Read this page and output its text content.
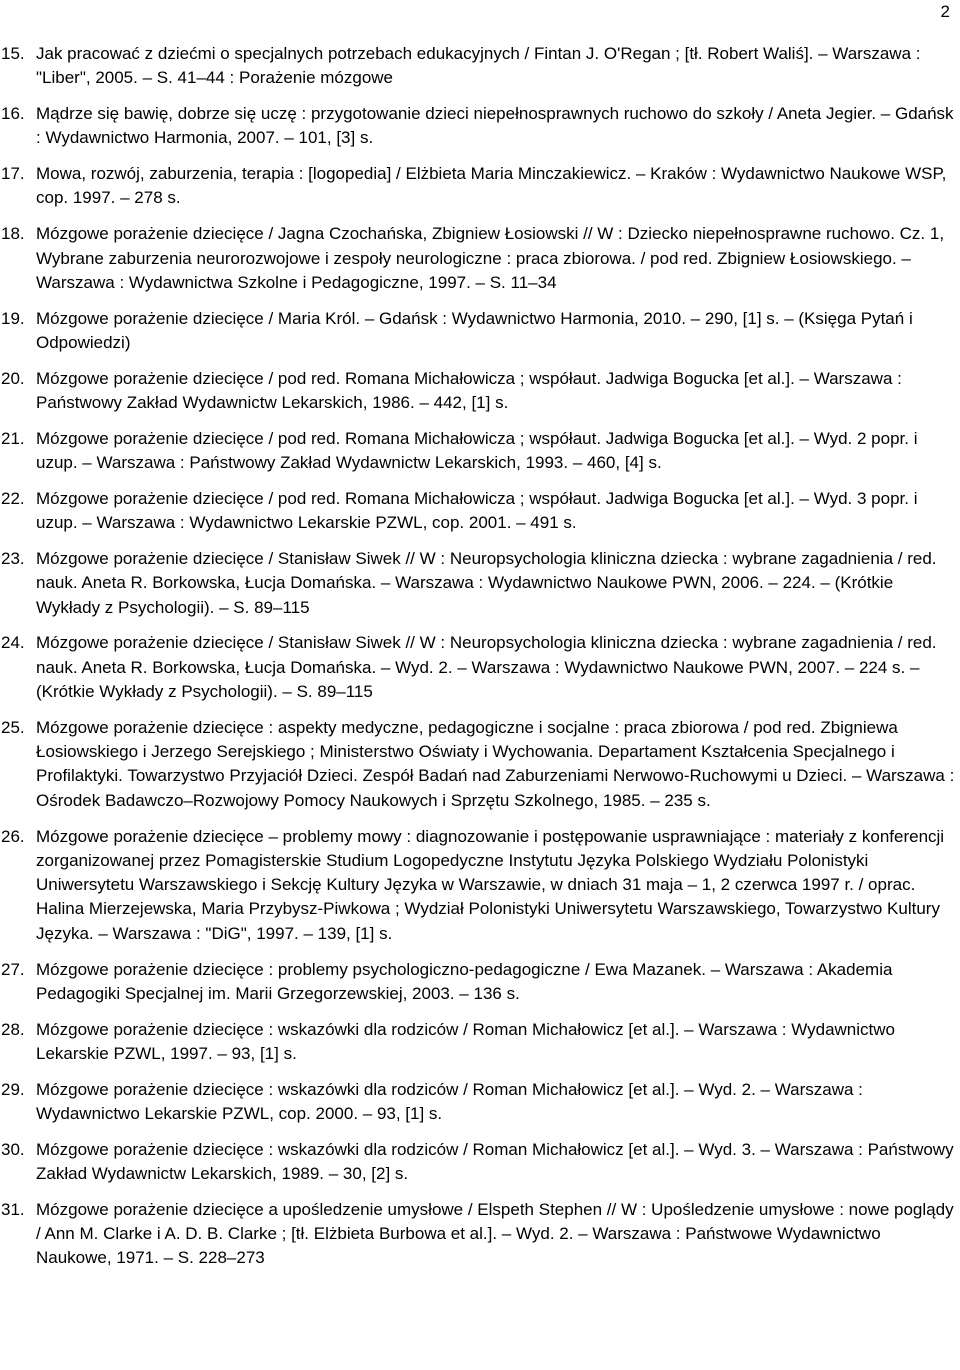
2
15. Jak pracować z dziećmi o specjalnych potrzebach edukacyjnych / Fintan J. O'Regan ; [tł. Robert Waliś]. – Warszawa : "Liber", 2005. – S. 41–44 : Porażenie mózgowe
16. Mądrze się bawię, dobrze się uczę : przygotowanie dzieci niepełnosprawnych ruchowo do szkoły / Aneta Jegier. – Gdańsk : Wydawnictwo Harmonia, 2007. – 101, [3] s.
17. Mowa, rozwój, zaburzenia, terapia : [logopedia] / Elżbieta Maria Minczakiewicz. – Kraków : Wydawnictwo Naukowe WSP, cop. 1997. – 278 s.
18. Mózgowe porażenie dziecięce / Jagna Czochańska, Zbigniew Łosiowski // W : Dziecko niepełnosprawne ruchowo. Cz. 1, Wybrane zaburzenia neurorozwojowe i zespoły neurologiczne : praca zbiorowa. / pod red. Zbigniew Łosiowskiego. – Warszawa : Wydawnictwa Szkolne i Pedagogiczne, 1997. – S. 11–34
19. Mózgowe porażenie dziecięce / Maria Król. – Gdańsk : Wydawnictwo Harmonia, 2010. – 290, [1] s. – (Księga Pytań i Odpowiedzi)
20. Mózgowe porażenie dziecięce / pod red. Romana Michałowicza ; współaut. Jadwiga Bogucka [et al.]. – Warszawa : Państwowy Zakład Wydawnictw Lekarskich, 1986. – 442, [1] s.
21. Mózgowe porażenie dziecięce / pod red. Romana Michałowicza ; współaut. Jadwiga Bogucka [et al.]. – Wyd. 2 popr. i uzup. – Warszawa : Państwowy Zakład Wydawnictw Lekarskich, 1993. – 460, [4] s.
22. Mózgowe porażenie dziecięce / pod red. Romana Michałowicza ; współaut. Jadwiga Bogucka [et al.]. – Wyd. 3 popr. i uzup. – Warszawa : Wydawnictwo Lekarskie PZWL, cop. 2001. – 491 s.
23. Mózgowe porażenie dziecięce / Stanisław Siwek // W : Neuropsychologia kliniczna dziecka : wybrane zagadnienia / red. nauk. Aneta R. Borkowska, Łucja Domańska. – Warszawa : Wydawnictwo Naukowe PWN, 2006. – 224. – (Krótkie Wykłady z Psychologii). – S. 89–115
24. Mózgowe porażenie dziecięce / Stanisław Siwek // W : Neuropsychologia kliniczna dziecka : wybrane zagadnienia / red. nauk. Aneta R. Borkowska, Łucja Domańska. – Wyd. 2. – Warszawa : Wydawnictwo Naukowe PWN, 2007. – 224 s. – (Krótkie Wykłady z Psychologii). – S. 89–115
25. Mózgowe porażenie dziecięce : aspekty medyczne, pedagogiczne i socjalne : praca zbiorowa / pod red. Zbigniewa Łosiowskiego i Jerzego Serejskiego ; Ministerstwo Oświaty i Wychowania. Departament Kształcenia Specjalnego i Profilaktyki. Towarzystwo Przyjaciół Dzieci. Zespół Badań nad Zaburzeniami Nerwowo-Ruchowymi u Dzieci. – Warszawa : Ośrodek Badawczo–Rozwojowy Pomocy Naukowych i Sprzętu Szkolnego, 1985. – 235 s.
26. Mózgowe porażenie dziecięce – problemy mowy : diagnozowanie i postępowanie usprawniające : materiały z konferencji zorganizowanej przez Pomagisterskie Studium Logopedyczne Instytutu Języka Polskiego Wydziału Polonistyki Uniwersytetu Warszawskiego i Sekcję Kultury Języka w Warszawie, w dniach 31 maja – 1, 2 czerwca 1997 r. / oprac. Halina Mierzejewska, Maria Przybysz-Piwkowa ; Wydział Polonistyki Uniwersytetu Warszawskiego, Towarzystwo Kultury Języka. – Warszawa : "DiG", 1997. – 139, [1] s.
27. Mózgowe porażenie dziecięce : problemy psychologiczno-pedagogiczne / Ewa Mazanek. – Warszawa : Akademia Pedagogiki Specjalnej im. Marii Grzegorzewskiej, 2003. – 136 s.
28. Mózgowe porażenie dziecięce : wskazówki dla rodziców / Roman Michałowicz [et al.]. – Warszawa : Wydawnictwo Lekarskie PZWL, 1997. – 93, [1] s.
29. Mózgowe porażenie dziecięce : wskazówki dla rodziców / Roman Michałowicz [et al.]. – Wyd. 2. – Warszawa : Wydawnictwo Lekarskie PZWL, cop. 2000. – 93, [1] s.
30. Mózgowe porażenie dziecięce : wskazówki dla rodziców / Roman Michałowicz [et al.]. – Wyd. 3. – Warszawa : Państwowy Zakład Wydawnictw Lekarskich, 1989. – 30, [2] s.
31. Mózgowe porażenie dziecięce a upośledzenie umysłowe / Elspeth Stephen // W : Upośledzenie umysłowe : nowe poglądy / Ann M. Clarke i A. D. B. Clarke ; [tł. Elżbieta Burbowa et al.]. – Wyd. 2. – Warszawa : Państwowe Wydawnictwo Naukowe, 1971. – S. 228–273
